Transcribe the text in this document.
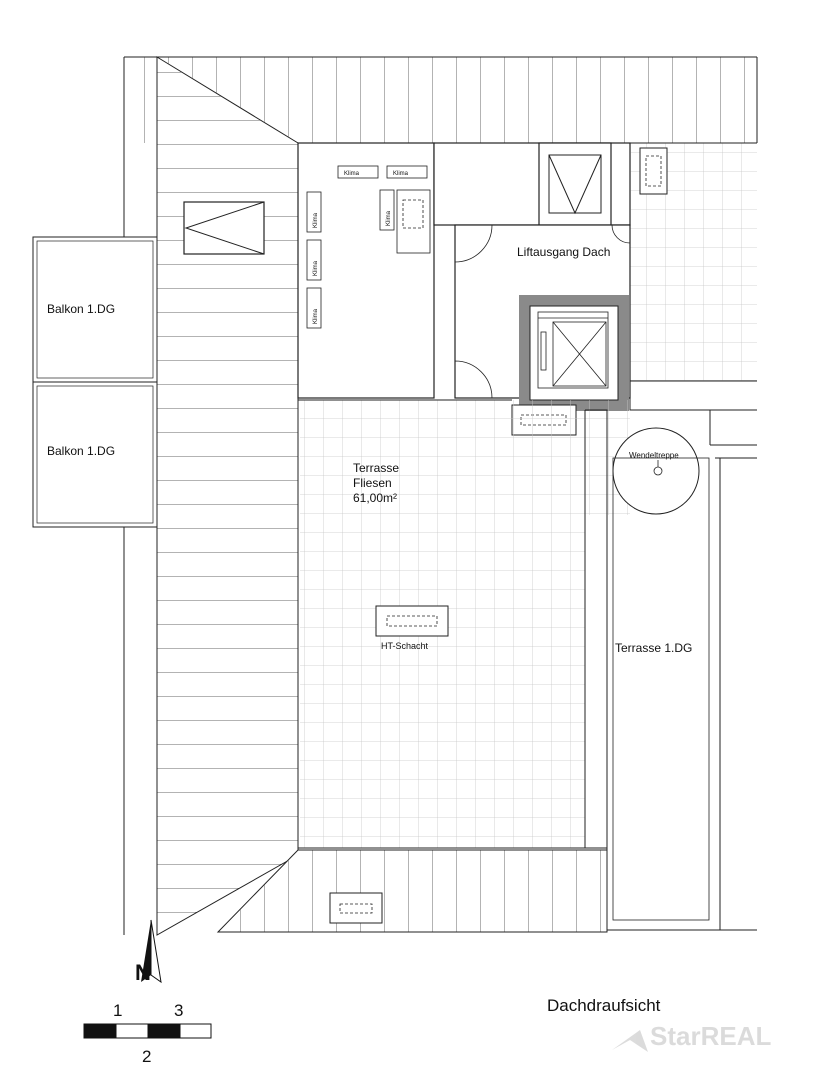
Balkon 1.DG
Balkon 1.DG
Klima	Klima
Klima
Klima
Klima
Klima
Liftausgang Dach
Terrasse
Fliesen
61,00m²
HT-Schacht
Wendeltreppe
Terrasse 1.DG
N
1	3
2
Dachdraufsicht
StarREAL
